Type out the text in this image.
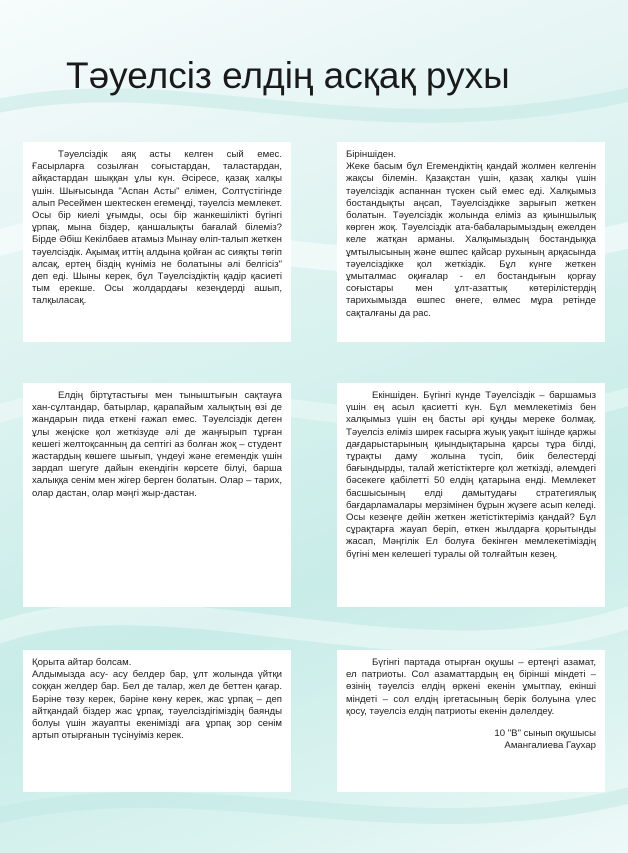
Тәуелсіз елдің асқақ рухы

Тәуелсіздік аяқ асты келген сый емес. Ғасырларға созылған соғыстардан, таластардан, айқастардан шыққан ұлы күн. Әсіресе, қазақ халқы үшін. Шығысында "Аспан Асты" елімен, Солтүстігінде алып Ресеймен шектескен егемеңді, тәуелсіз мемлекет. Осы бір киелі ұғымды, осы бір жанкешілікті бүгінгі ұрпақ, мына біздер, қаншалықты бағалай білеміз? Бірде Әбіш Кекілбаев атамыз Мынау өліп-талып жеткен тәуелсіздік. Ақымақ иттің алдына қойған ас сияқты төгіп алсақ, ертең біздің күніміз не болатыны әлі белгісіз" деп еді. Шыны керек, бұл Тәуелсіздіктің қадір қасиеті тым ерекше. Осы жолдардағы кезеңдерді ашып, талқыласақ.

Біріншіден.
Жеке басым бұл Егемендіктің қандай жолмен келгенін жақсы білемін. Қазақстан үшін, қазақ халқы үшін тәуелсіздік аспаннан түскен сый емес еді. Халқымыз бостандықты аңсап, Тәуелсіздікке зарығып жеткен болатын. Тәуелсіздік жолында еліміз аз қиыншылық көрген жоқ. Тәуелсіздік ата-бабаларымыздың ежелден келе жатқан арманы. Халқымыздың бостандыққа ұмтылысының және өшпес қайсар рухының арқасында тәуелсіздікке қол жеткіздік. Бұл күнге жеткен ұмыталмас оқиғалар - ел бостандығын қорғау соғыстары мен ұлт-азаттық көтерілістердің тарихымызда өшпес өнеге, өлмес мұра ретінде сақталғаны да рас.

Елдің біртұтастығы мен тыныштығын сақтауға хан-сұлтандар, батырлар, қарапайым халықтың өзі де жандарын пида еткені ғажап емес. Тәуелсіздік деген ұлы жеңіске қол жеткізуде әлі де жаңғырып тұрған кешегі желтоқсанның да септігі аз болған жоқ – студент жастардың көшеге шығып, үндеуі және егемендік үшін зардап шегуге дайын екендігін көрсете білуі, барша халыққа сенім мен жігер берген болатын. Олар – тарих, олар дастан, олар мәңгі жыр-дастан.

Екіншіден. Бүгінгі күнде Тәуелсіздік – баршамыз үшін ең асыл қасиетті күн. Бұл мемлекетіміз бен халқымыз үшін ең басты әрі қуңды мереке болмақ. Тәуелсіз еліміз ширек ғасырға жуық уақыт ішінде қаржы дағдарыстарының қиындықтарына қарсы тұра білді, тұрақты даму жолына түсіп, биік белестерді бағындырды, талай жетістіктерге қол жеткізді, әлемдегі бәсекеге қабілетті 50 елдің қатарына енді. Мемлекет басшысының елді дамытудағы стратегиялық бағдарламалары мерзімінен бұрын жүзеге асып келеді. Осы кезеңге дейін жеткен жетістіктеріміз қандай? Бұл сұрақтарға жауап беріп, өткен жылдарға қорытынды жасап, Мәңгілік Ел болуға бекінген мемлекетіміздің бүгіні мен келешегі туралы ой толғайтын кезең.

Қорыта айтар болсам.
Алдымызда асу- асу белдер бар, ұлт жолында үйтқи соққан желдер бар. Бел де талар, жел де беттен қағар. Бәріне төзу керек, бәріне көну керек, жас ұрпақ – деп айтқандай біздер жас ұрпақ, тәуелсіздігіміздің баянды болуы үшін жауапты екенімізді аға ұрпақ зор сенім артып отырғанын түсінуіміз керек.

Бүгінгі партада отырған оқушы – ертеңгі азамат, ел патриоты. Сол азаматтардың ең бірінші міндеті – өзінің тәуелсіз елдің өркені екенін ұмытпау, екінші міндеті – сол елдің іргетасының берік болуына үлес қосу, тәуелсіз елдің патриоты екенін дәлелдеу.

10 "В" сынып оқушысы
Амангалиева Гаухар
